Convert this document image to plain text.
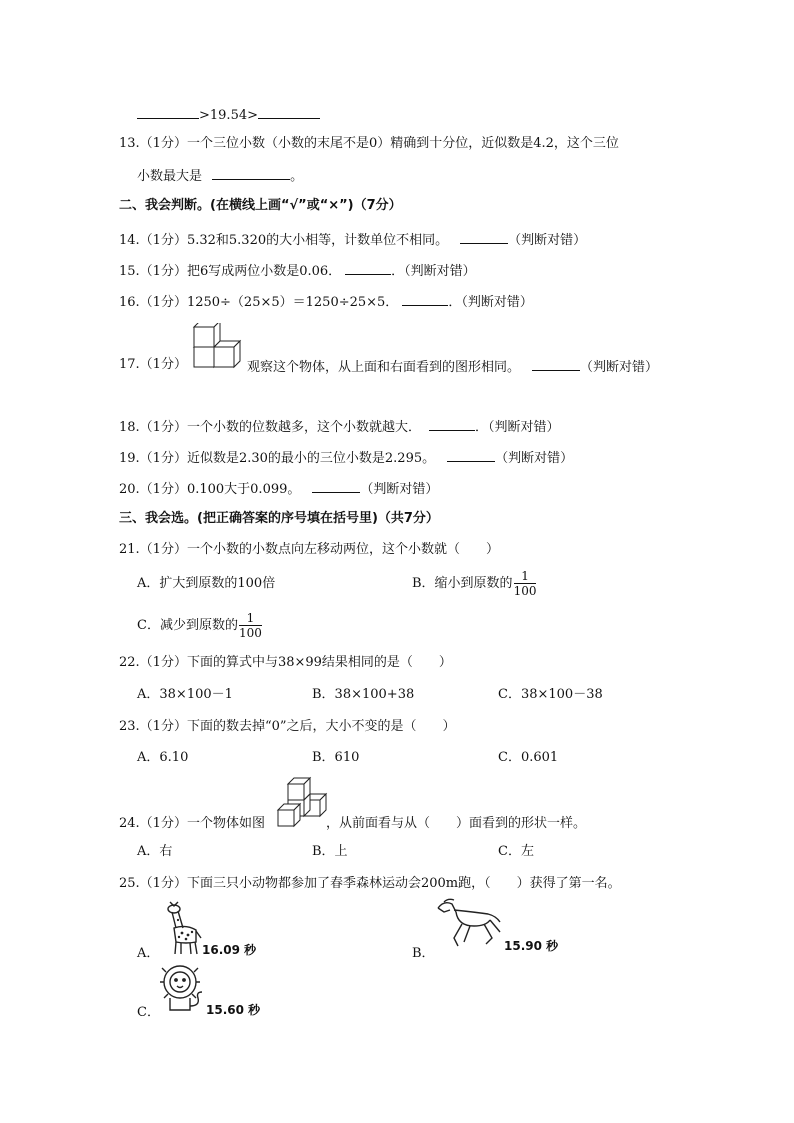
>19.54>
13.（1分）一个三位小数（小数的末尾不是0）精确到十分位，近似数是4.2，这个三位
小数最大是	。
二、我会判断。(在横线上画“√”或“×”)（7分）
14.（1分）5.32和5.320的大小相等，计数单位不相同。	（判断对错）
15.（1分）把6写成两位小数是0.06．	．（判断对错）
16.（1分）1250÷（25×5）＝1250÷25×5．	．（判断对错）
17.（1分）	观察这个物体，从上面和右面看到的图形相同。	（判断对错）
18.（1分）一个小数的位数越多，这个小数就越大．	．（判断对错）
19.（1分）近似数是2.30的最小的三位小数是2.295。	（判断对错）
20.（1分）0.100大于0.099。	（判断对错）
三、我会选。(把正确答案的序号填在括号里)（共7分）
21.（1分）一个小数的小数点向左移动两位，这个小数就（　　）
A．扩大到原数的100倍	B．缩小到原数的 $\frac{1}{100}$
C．减少到原数的 $\frac{1}{100}$
22.（1分）下面的算式中与38×99结果相同的是（　　）
A．38×100－1	B．38×100+38	C．38×100－38
23.（1分）下面的数去掉“0”之后，大小不变的是（　　）
A．6.10	B．610	C．0.601
24.（1分）一个物体如图	，从前面看与从（　　）面看到的形状一样。
A．右	B．上	C．左
25.（1分）下面三只小动物都参加了春季森林运动会200m跑，（　　）获得了第一名。
A．	16.09 秒	B．	15.90 秒
C．	15.60 秒
